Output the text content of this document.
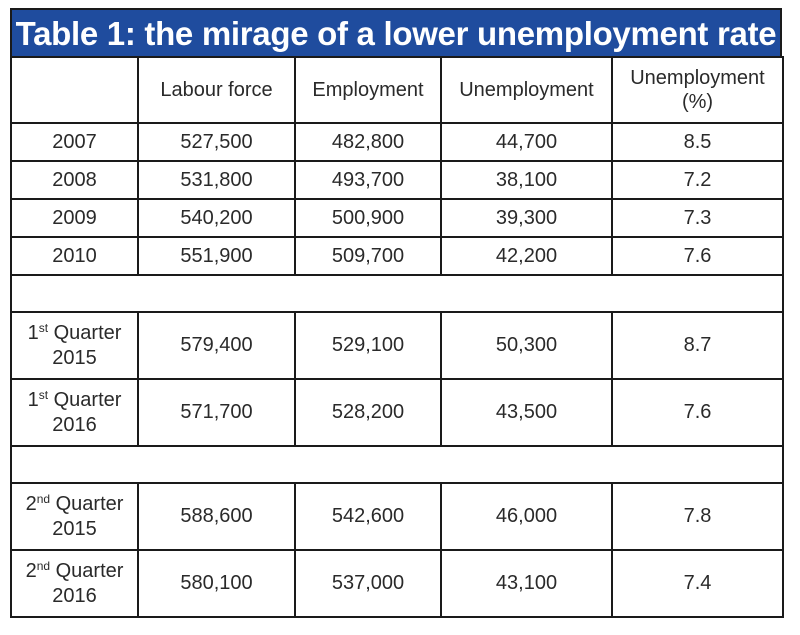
Table 1: the mirage of a lower unemployment rate
	Labour force	Employment	Unemployment	Unemployment
(%)
2007	527,500	482,800	44,700	8.5
2008	531,800	493,700	38,100	7.2
2009	540,200	500,900	39,300	7.3
2010	551,900	509,700	42,200	7.6

1st Quarter
2015	579,400	529,100	50,300	8.7
1st Quarter
2016	571,700	528,200	43,500	7.6

2nd Quarter
2015	588,600	542,600	46,000	7.8
2nd Quarter
2016	580,100	537,000	43,100	7.4
